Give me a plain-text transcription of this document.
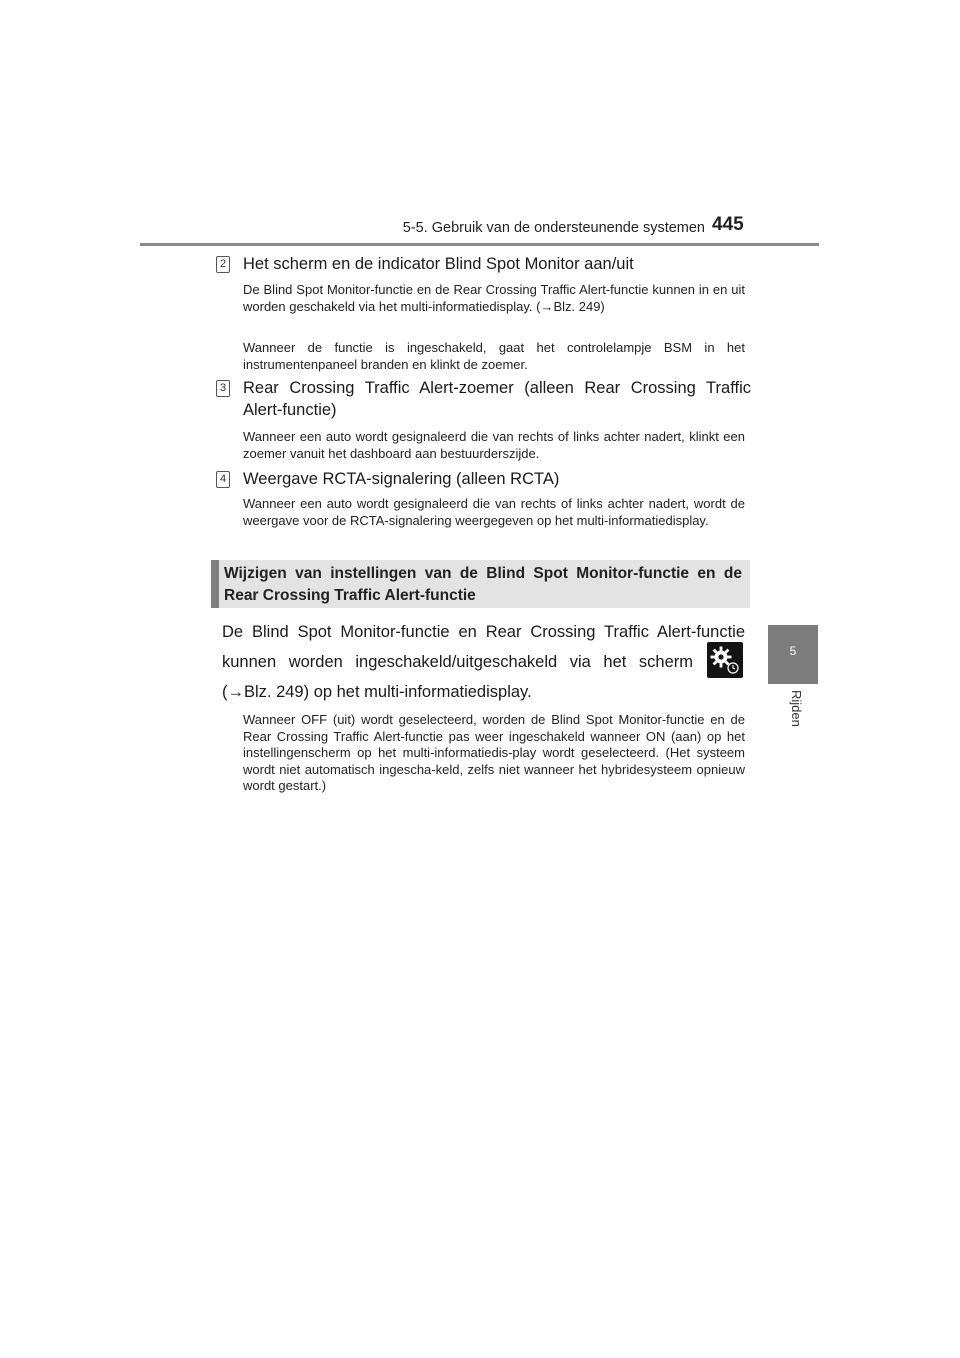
5-5. Gebruik van de ondersteunende systemen 445
5
Rijden
2 Het scherm en de indicator Blind Spot Monitor aan/uit
De Blind Spot Monitor-functie en de Rear Crossing Traffic Alert-functie kunnen in en uit worden geschakeld via het multi-informatiedisplay. (→Blz. 249)
Wanneer de functie is ingeschakeld, gaat het controlelampje BSM in het instrumentenpaneel branden en klinkt de zoemer.
3 Rear Crossing Traffic Alert-zoemer (alleen Rear Crossing Traffic Alert-functie)
Wanneer een auto wordt gesignaleerd die van rechts of links achter nadert, klinkt een zoemer vanuit het dashboard aan bestuurderszijde.
4 Weergave RCTA-signalering (alleen RCTA)
Wanneer een auto wordt gesignaleerd die van rechts of links achter nadert, wordt de weergave voor de RCTA-signalering weergegeven op het multi-informatiedisplay.
Wijzigen van instellingen van de Blind Spot Monitor-functie en de Rear Crossing Traffic Alert-functie
De Blind Spot Monitor-functie en Rear Crossing Traffic Alert-functie
kunnen worden ingeschakeld/uitgeschakeld via het scherm
(→Blz. 249) op het multi-informatiedisplay.
Wanneer OFF (uit) wordt geselecteerd, worden de Blind Spot Monitor-functie en de Rear Crossing Traffic Alert-functie pas weer ingeschakeld wanneer ON (aan) op het instellingenscherm op het multi-informatiedis-play wordt geselecteerd. (Het systeem wordt niet automatisch ingescha-keld, zelfs niet wanneer het hybridesysteem opnieuw wordt gestart.)
